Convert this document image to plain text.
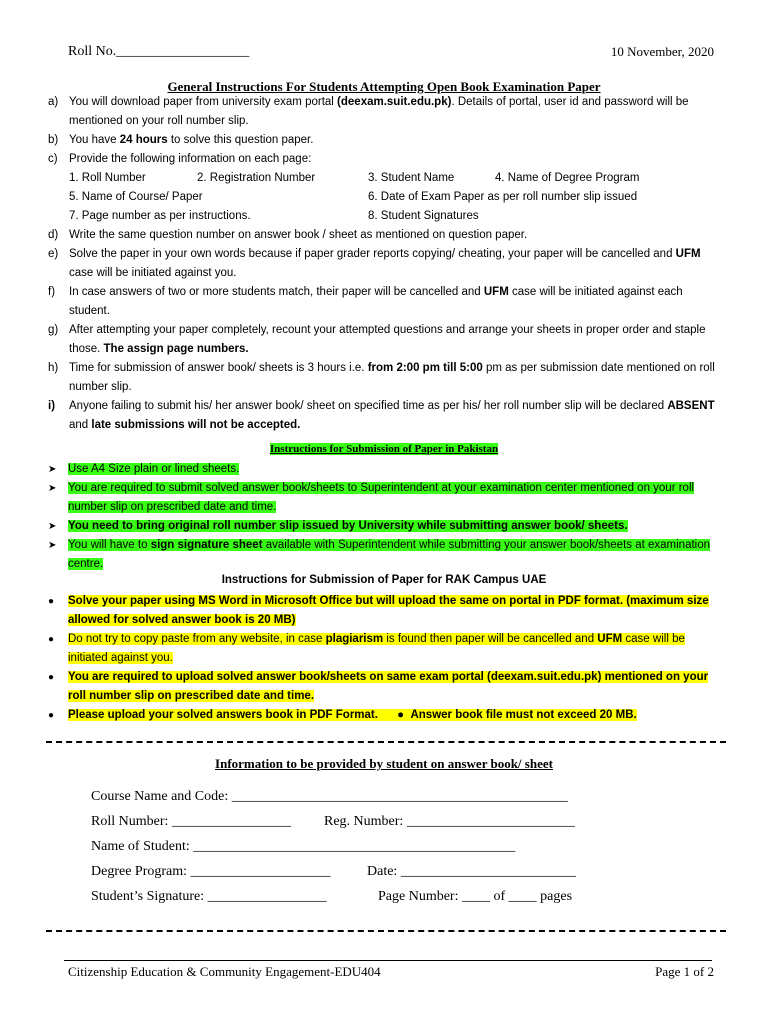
Roll No.___________________	10 November, 2020
General Instructions For Students Attempting Open Book Examination Paper
a) You will download paper from university exam portal (deexam.suit.edu.pk). Details of portal, user id and password will be mentioned on your roll number slip.
b) You have 24 hours to solve this question paper.
c) Provide the following information on each page:
1. Roll Number	2. Registration Number	3. Student Name	4. Name of Degree Program
5. Name of Course/ Paper	6. Date of Exam Paper as per roll number slip issued
7. Page number as per instructions.	8. Student Signatures
d) Write the same question number on answer book / sheet as mentioned on question paper.
e) Solve the paper in your own words because if paper grader reports copying/ cheating, your paper will be cancelled and UFM case will be initiated against you.
f)	In case answers of two or more students match, their paper will be cancelled and UFM case will be initiated against each student.
g) After attempting your paper completely, recount your attempted questions and arrange your sheets in proper order and staple those. The assign page numbers.
h) Time for submission of answer book/ sheets is 3 hours i.e. from 2:00 pm till 5:00 pm as per submission date mentioned on roll number slip.
i)	Anyone failing to submit his/ her answer book/ sheet on specified time as per his/ her roll number slip will be declared ABSENT and late submissions will not be accepted.
Instructions for Submission of Paper in Pakistan
➤	Use A4 Size plain or lined sheets.
➤	You are required to submit solved answer book/sheets to Superintendent at your examination center mentioned on your roll number slip on prescribed date and time.
➤	You need to bring original roll number slip issued by University while submitting answer book/ sheets.
➤	You will have to sign signature sheet available with Superintendent while submitting your answer book/sheets at examination centre.
Instructions for Submission of Paper for RAK Campus UAE
●	Solve your paper using MS Word in Microsoft Office but will upload the same on portal in PDF format. (maximum size allowed for solved answer book is 20 MB)
●	Do not try to copy paste from any website, in case plagiarism is found then paper will be cancelled and UFM case will be initiated against you.
●	You are required to upload solved answer book/sheets on same exam portal (deexam.suit.edu.pk) mentioned on your roll number slip on prescribed date and time.
●	Please upload your solved answers book in PDF Format. ● Answer book file must not exceed 20 MB.
Information to be provided by student on answer book/ sheet
Course Name and Code: ________________________________________________
Roll Number: _________________ Reg. Number: ________________________
Name of Student: ______________________________________________
Degree Program: ____________________	Date: _________________________
Student’s Signature: _________________	Page Number: ____ of ____ pages
Citizenship Education & Community Engagement-EDU404	Page 1 of 2
